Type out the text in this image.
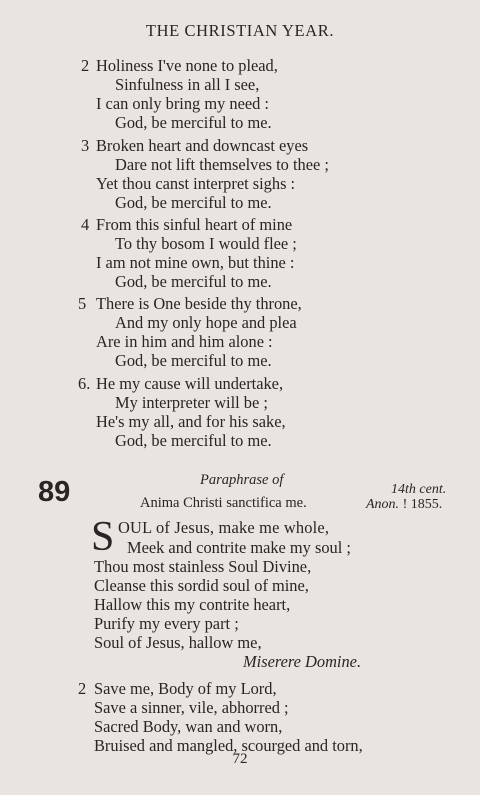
THE CHRISTIAN YEAR.
2 Holiness I've none to plead,
Sinfulness in all I see,
I can only bring my need :
God, be merciful to me.
3 Broken heart and downcast eyes
Dare not lift themselves to thee ;
Yet thou canst interpret sighs :
God, be merciful to me.
4 From this sinful heart of mine
To thy bosom I would flee ;
I am not mine own, but thine :
God, be merciful to me.
5 There is One beside thy throne,
And my only hope and plea
Are in him and him alone :
God, be merciful to me.
6. He my cause will undertake,
My interpreter will be ;
He's my all, and for his sake,
God, be merciful to me.
89	Paraphrase of
Anima Christi sanctifica me.
14th cent.
Anon. ! 1855.
S OUL of Jesus, make me whole,
Meek and contrite make my soul ;
Thou most stainless Soul Divine,
Cleanse this sordid soul of mine,
Hallow this my contrite heart,
Purify my every part ;
Soul of Jesus, hallow me,
Miserere Domine.
2 Save me, Body of my Lord,
Save a sinner, vile, abhorred ;
Sacred Body, wan and worn,
Bruised and mangled, scourged and torn,
72
